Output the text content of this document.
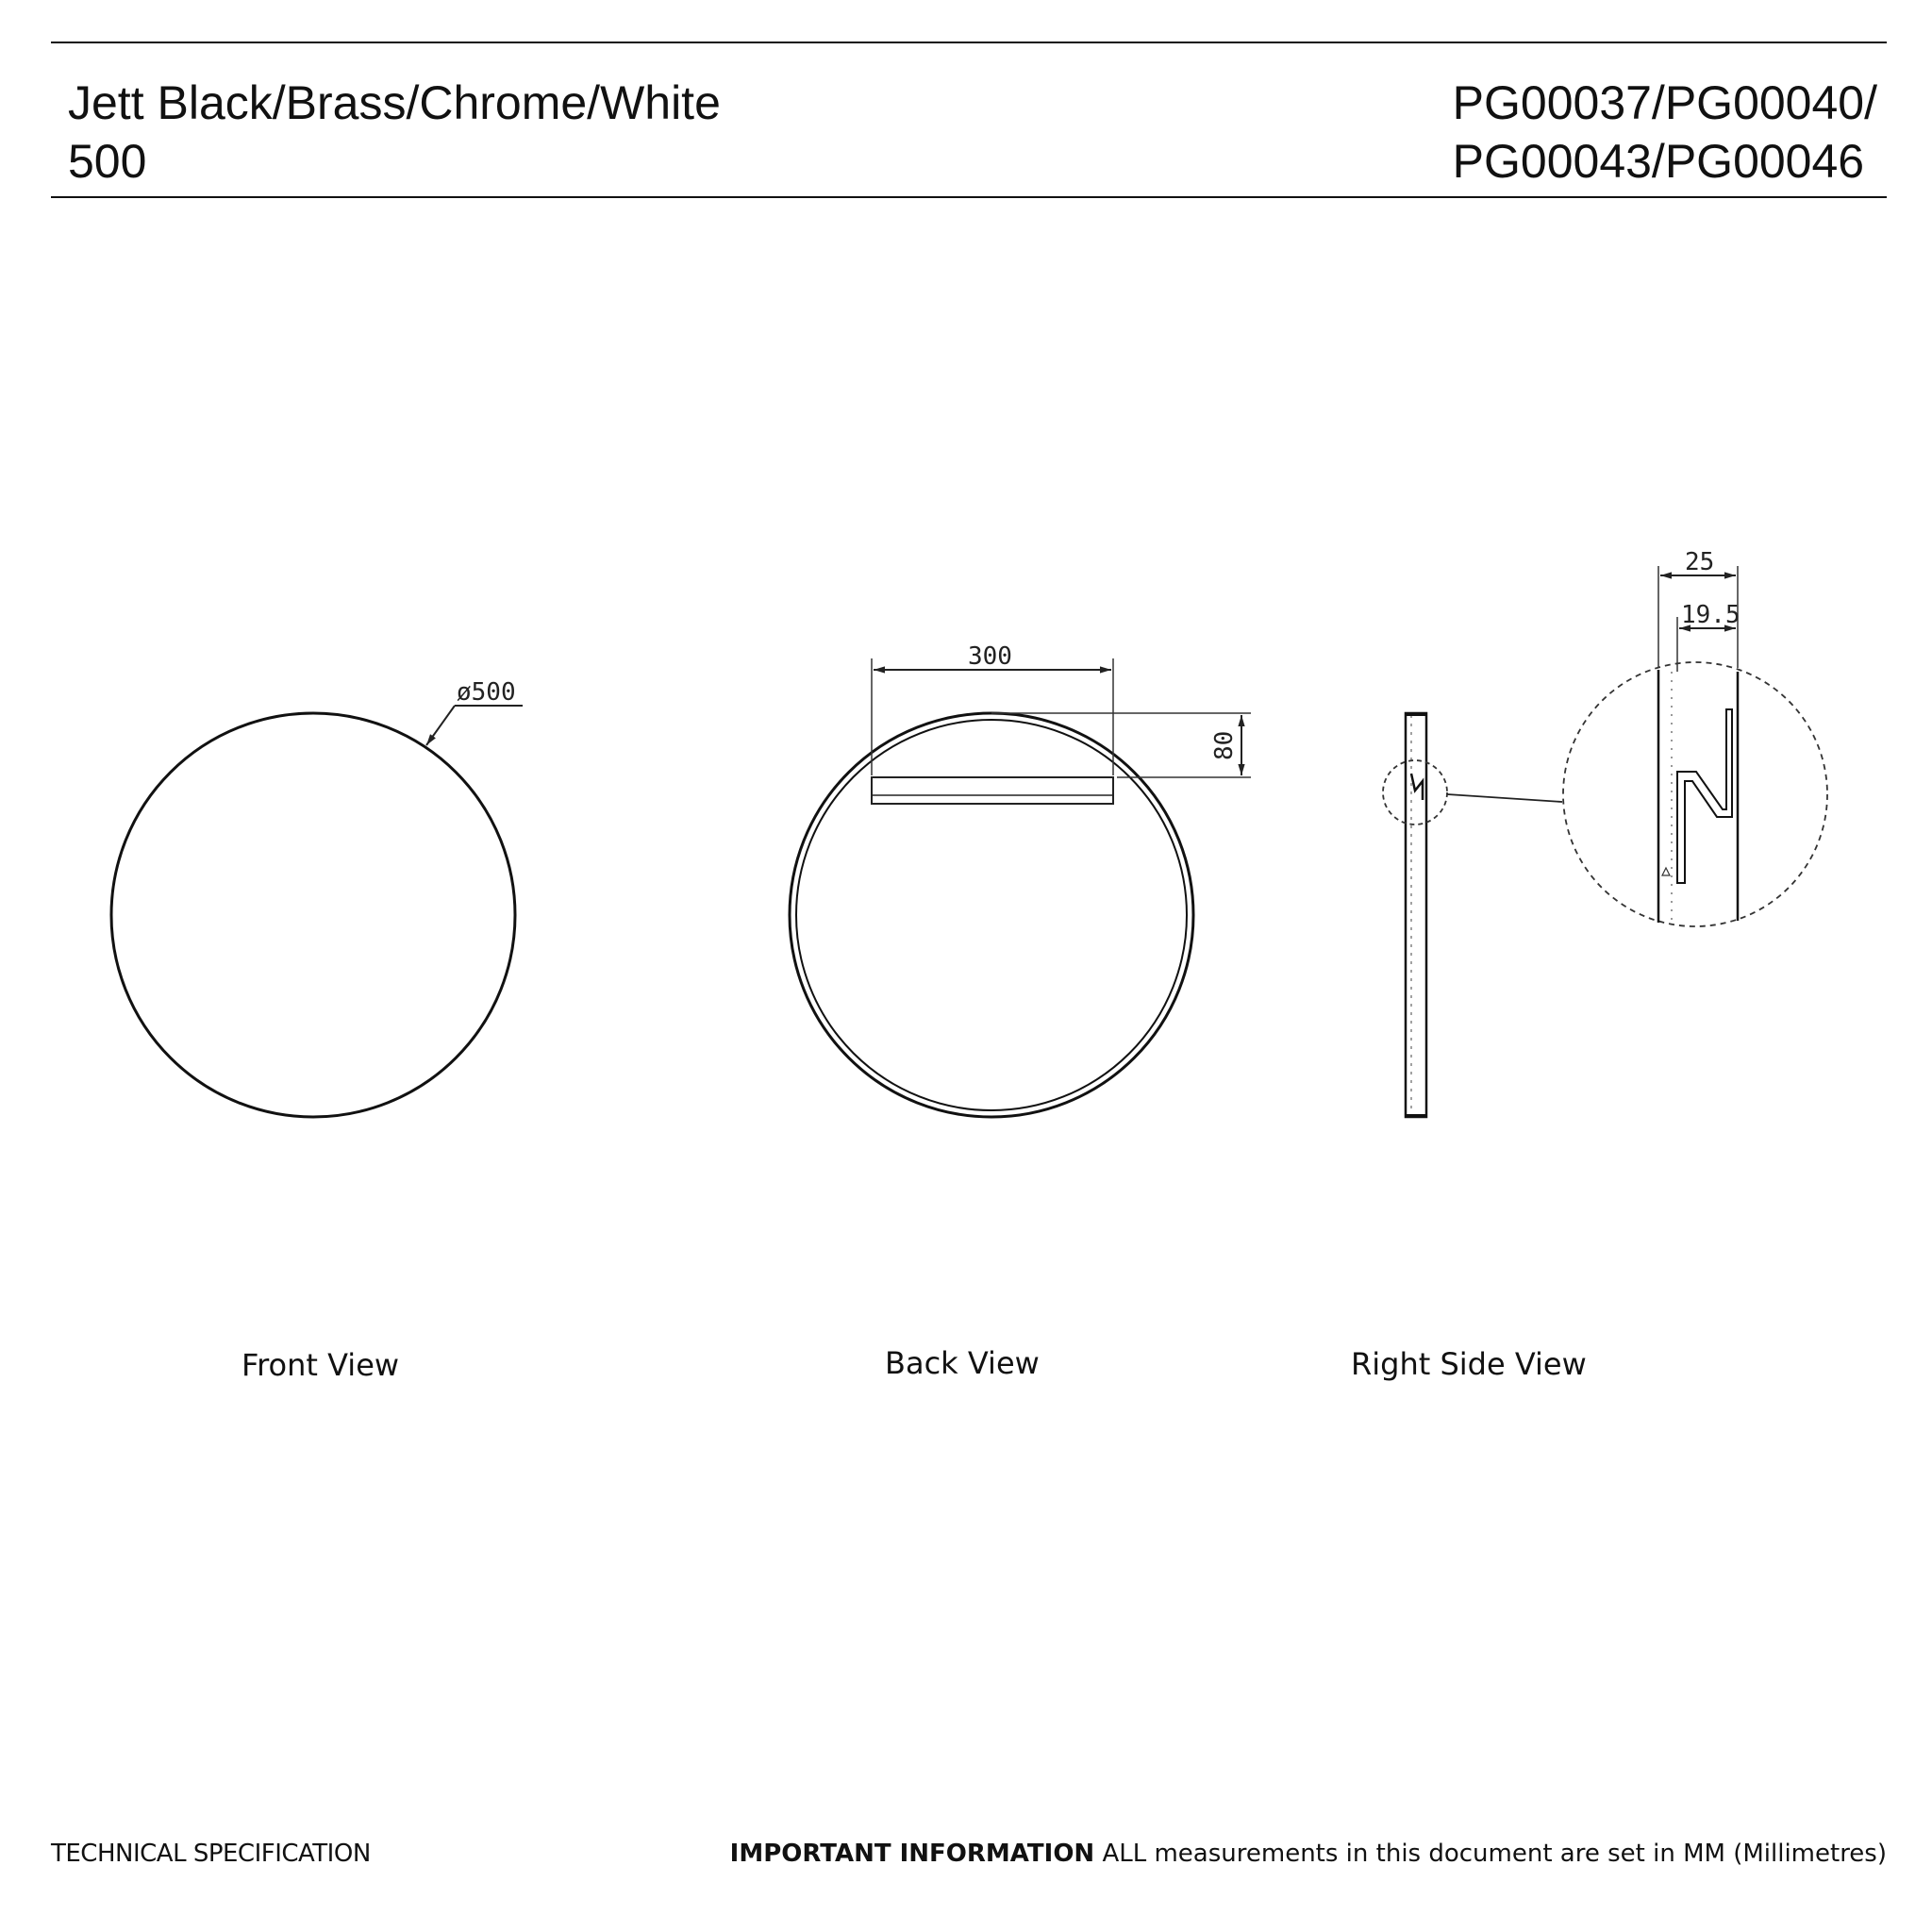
Jett Black/Brass/Chrome/White
500
PG00037/PG00040/
PG00043/PG00046
ø500
300
80
25
19.5
Front View	Back View	Right Side View
TECHNICAL SPECIFICATION	IMPORTANT INFORMATION ALL measurements in this document are set in MM (Millimetres)
